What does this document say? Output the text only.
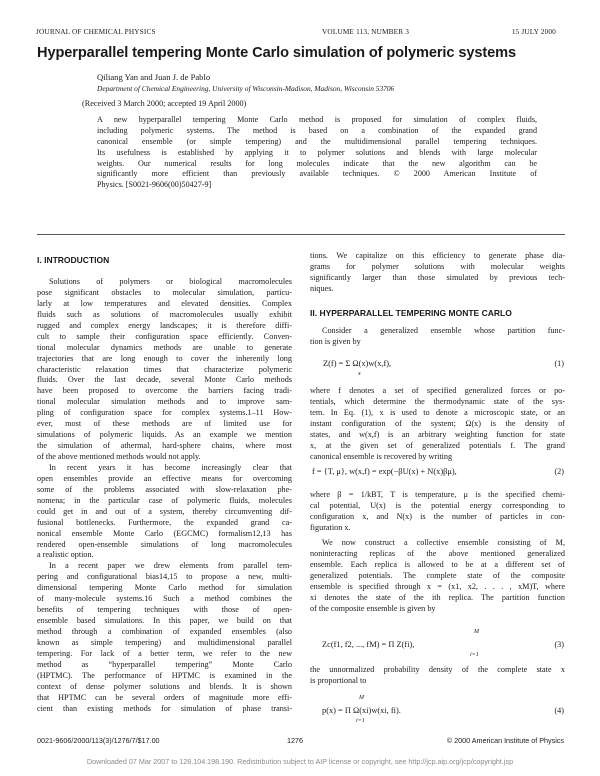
JOURNAL OF CHEMICAL PHYSICS	VOLUME 113, NUMBER 3	15 JULY 2000
Hyperparallel tempering Monte Carlo simulation of polymeric systems
Qiliang Yan and Juan J. de Pablo
Department of Chemical Engineering, University of Wisconsin-Madison, Madison, Wisconsin 53706
(Received 3 March 2000; accepted 19 April 2000)
A new hyperparallel tempering Monte Carlo method is proposed for simulation of complex fluids,
including polymeric systems. The method is based on a combination of the expanded grand
canonical ensemble (or simple tempering) and the multidimensional parallel tempering techniques.
Its usefulness is established by applying it to polymer solutions and blends with large molecular
weights. Our numerical results for long molecules indicate that the new algorithm can be
significantly more efficient than previously available techniques. © 2000 American Institute of
Physics. [S0021-9606(00)50427-9]
I. INTRODUCTION
Solutions of polymers or biological macromolecules
pose significant obstacles to molecular simulation, particu-
larly at low temperatures and elevated densities. Complex
fluids such as solutions of macromolecules usually exhibit
rugged and complex energy landscapes; it is therefore diffi-
cult to sample their configuration space efficiently. Conven-
tional molecular dynamics methods are unable to generate
trajectories that are long enough to cover the inherently long
characteristic relaxation times that characterize polymeric
fluids. Over the last decade, several Monte Carlo methods
have been proposed to overcome the barriers facing tradi-
tional molecular simulation methods and to improve sam-
pling of configuration space for complex systems.1–11 How-
ever, most of these methods are of limited use for
simulations of polymeric liquids. As an example we mention
the simulation of athermal, hard-sphere chains, where most
of the above mentioned methods would not apply.
In recent years it has become increasingly clear that
open ensembles provide an effective means for overcoming
some of the problems associated with slow-relaxation phe-
nomena; in the particular case of polymeric fluids, molecules
could get in and out of a system, thereby circumventing dif-
fusional bottlenecks. Furthermore, the expanded grand ca-
nonical ensemble Monte Carlo (EGCMC) formalism12,13 has
rendered open-ensemble simulations of long macromolecules
a realistic option.
In a recent paper we drew elements from parallel tem-
pering and configurational bias14,15 to propose a new, multi-
dimensional tempering Monte Carlo method for simulation
of many-molecule systems.16 Such a method combines the
benefits of tempering techniques with those of open-
ensemble based simulations. In this paper, we build on that
method through a combination of expanded ensembles (also
known as simple tempering) and multidimensional parallel
tempering. For lack of a better term, we refer to the new
method as “hyperparallel tempering” Monte Carlo
(HPTMC). The performance of HPTMC is examined in the
context of dense polymer solutions and blends. It is shown
that HPTMC can be several orders of magnitude more effi-
cient than existing methods for simulation of phase transi-
tions. We capitalize on this efficiency to generate phase dia-
grams for polymer solutions with molecular weights
significantly larger than those simulated by previous tech-
niques.
II. HYPERPARALLEL TEMPERING MONTE CARLO
Consider a generalized ensemble whose partition func-
tion is given by
Z(f) = Σ Ω(x)w(x,f),
x
(1)
where f denotes a set of specified generalized forces or po-
tentials, which determine the thermodynamic state of the sys-
tem. In Eq. (1), x is used to denote a microscopic state, or an
instant configuration of the system; Ω(x) is the density of
states, and w(x,f) is an arbitrary weighting function for state
x, at the given set of generalized potentials f. The grand
canonical ensemble is recovered by writing
f = {T, μ}, w(x,f) = exp(−βU(x) + N(x)βμ),	(2)
where β = 1/kBT, T is temperature, μ is the specified chemi-
cal potential, U(x) is the potential energy corresponding to
configuration x, and N(x) is the number of particles in con-
figuration x.
We now construct a collective ensemble consisting of M,
noninteracting replicas of the above mentioned generalized
ensemble. Each replica is allowed to be at a different set of
generalized potentials. The complete state of the composite
ensemble is specified through x = (x1, x2, . . . , xM)T, where
xi denotes the state of the ith replica. The partition function
of the composite ensemble is given by
M
Zc(f1, f2, ..., fM) = Π Z(fi),
i=1
(3)
the unnormalized probability density of the complete state x
is proportional to
M
p(x) = Π Ω(xi)w(xi, fi).
i=1
(4)
0021-9606/2000/113(3)/1276/7/$17.00	1276	© 2000 American Institute of Physics
Downloaded 07 Mar 2007 to 128.104.198.190. Redistribution subject to AIP license or copyright, see http://jcp.aip.org/jcp/copyright.jsp
